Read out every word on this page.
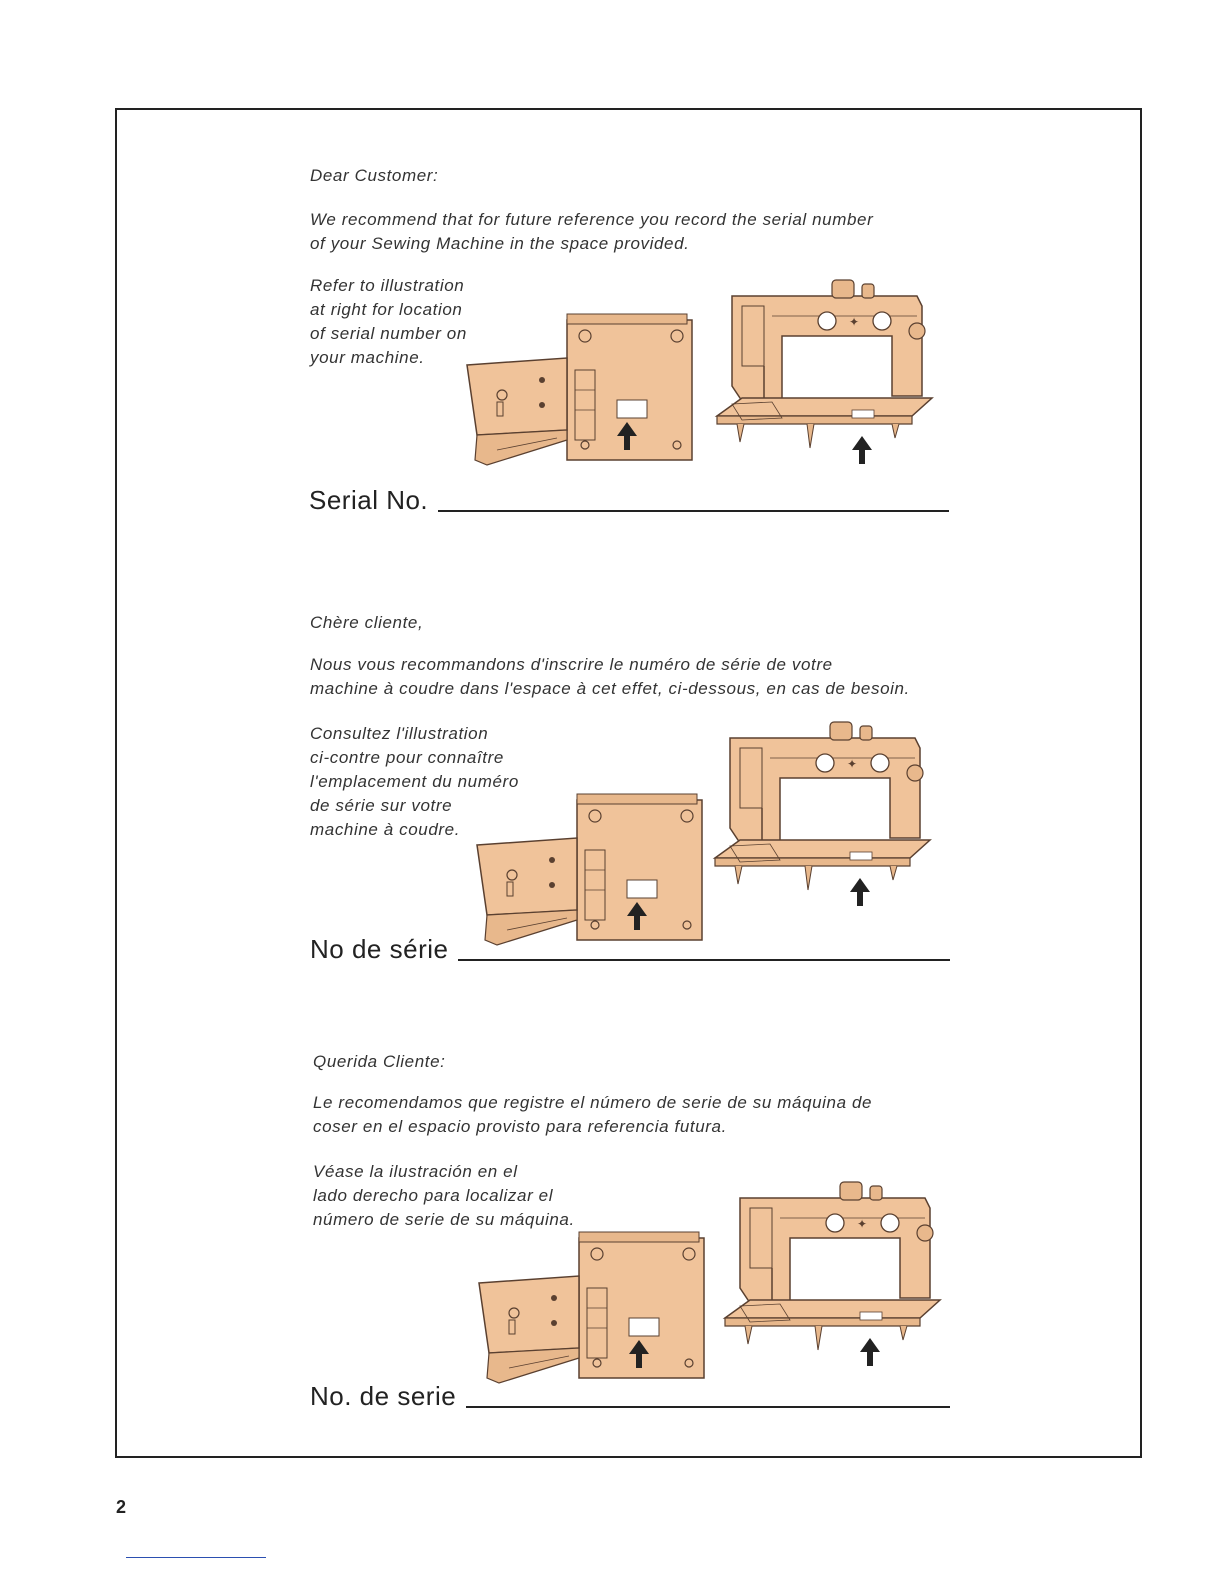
Dear Customer:
We recommend that for future reference you record the serial number
of your Sewing Machine in the space provided.
Refer to illustration
at right for location
of serial number on
your machine.
Serial No.
Chère cliente,
Nous vous recommandons d'inscrire le numéro de série de votre
machine à coudre dans l'espace à cet effet, ci-dessous, en cas de besoin.
Consultez l'illustration
ci-contre pour connaître
l'emplacement du numéro
de série sur votre
machine à coudre.
No de série
Querida Cliente:
Le recomendamos que registre el número de serie de su máquina de
coser en el espacio provisto para referencia futura.
Véase la ilustración en el
lado derecho para localizar el
número de serie de su máquina.
No. de serie
2
